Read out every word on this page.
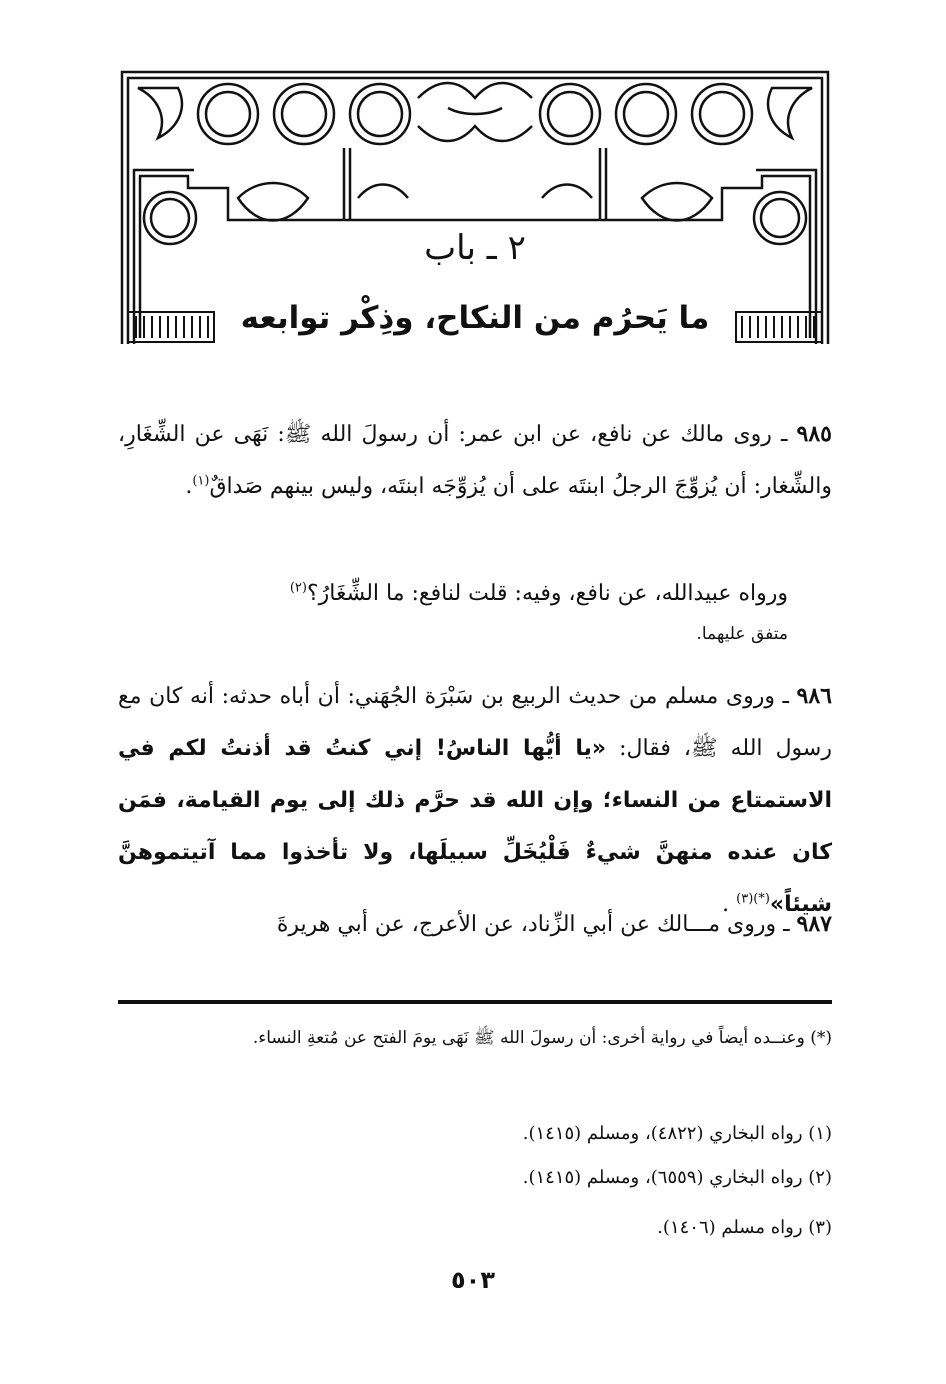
٢ ـ باب
ما يَحرُم من النكاح، وذِكْر توابعه
٩٨٥ ـ روى مالك عن نافع، عن ابن عمر: أن رسولَ الله ﷺ: نَهَى عن الشِّغَارِ، والشِّغار: أن يُزوِّجَ الرجلُ ابنتَه على أن يُزوِّجَه ابنتَه، وليس بينهم صَداقٌ$^{(١)}$.
ورواه عبيدالله، عن نافع، وفيه: قلت لنافع: ما الشِّغَارُ؟$^{(٢)}$
متفق عليهما.
٩٨٦ ـ وروى مسلم من حديث الربيع بن سَبْرَة الجُهَني: أن أباه حدثه: أنه كان مع رسول الله ﷺ، فقال: «يا أيُّها الناسُ! إني كنتُ قد أذنتُ لكم في الاستمتاع من النساء؛ وإن الله قد حرَّم ذلك إلى يوم القيامة، فمَن كان عنده منهنَّ شيءٌ فَلْيُخَلِّ سبيلَها، ولا تأخذوا مما آتيتموهنَّ شيئاً»$^{(*)(٣)}$ .
٩٨٧ ـ وروى مـــالك عن أبي الزِّناد، عن الأعرج، عن أبي هريرةَ
(*) وعنــده أيضاً في رواية أخرى: أن رسولَ الله ﷺ نَهَى يومَ الفتح عن مُتعةِ النساء.
(١) رواه البخاري (٤٨٢٢)، ومسلم (١٤١٥).
(٢) رواه البخاري (٦٥٥٩)، ومسلم (١٤١٥).
(٣) رواه مسلم (١٤٠٦).
٥٠٣
